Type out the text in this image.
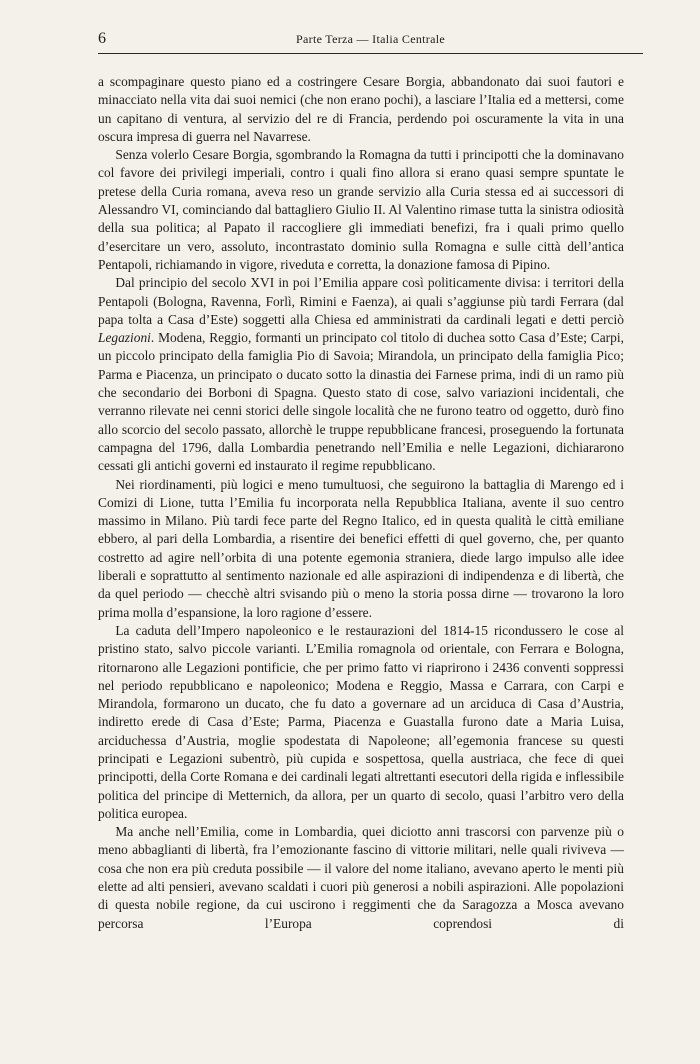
6	Parte Terza — Italia Centrale

a scompaginare questo piano ed a costringere Cesare Borgia, abbandonato dai suoi fautori e minacciato nella vita dai suoi nemici (che non erano pochi), a lasciare l’Italia ed a mettersi, come un capitano di ventura, al servizio del re di Francia, perdendo poi oscuramente la vita in una oscura impresa di guerra nel Navarrese.

Senza volerlo Cesare Borgia, sgombrando la Romagna da tutti i principotti che la dominavano col favore dei privilegi imperiali, contro i quali fino allora si erano quasi sempre spuntate le pretese della Curia romana, aveva reso un grande servizio alla Curia stessa ed ai successori di Alessandro VI, cominciando dal battagliero Giulio II. Al Valentino rimase tutta la sinistra odiosità della sua politica; al Papato il raccogliere gli immediati benefizi, fra i quali primo quello d’esercitare un vero, assoluto, incontrastato dominio sulla Romagna e sulle città dell’antica Pentapoli, richiamando in vigore, riveduta e corretta, la donazione famosa di Pipino.

Dal principio del secolo XVI in poi l’Emilia appare così politicamente divisa: i territori della Pentapoli (Bologna, Ravenna, Forlì, Rimini e Faenza), ai quali s’aggiunse più tardi Ferrara (dal papa tolta a Casa d’Este) soggetti alla Chiesa ed amministrati da cardinali legati e detti perciò Legazioni. Modena, Reggio, formanti un principato col titolo di duchea sotto Casa d’Este; Carpi, un piccolo principato della famiglia Pio di Savoia; Mirandola, un principato della famiglia Pico; Parma e Piacenza, un principato o ducato sotto la dinastia dei Farnese prima, indi di un ramo più che secondario dei Borboni di Spagna. Questo stato di cose, salvo variazioni incidentali, che verranno rilevate nei cenni storici delle singole località che ne furono teatro od oggetto, durò fino allo scorcio del secolo passato, allorchè le truppe repubblicane francesi, proseguendo la fortunata campagna del 1796, dalla Lombardia penetrando nell’Emilia e nelle Legazioni, dichiararono cessati gli antichi governi ed instaurato il regime repubblicano.

Nei riordinamenti, più logici e meno tumultuosi, che seguirono la battaglia di Marengo ed i Comizi di Lione, tutta l’Emilia fu incorporata nella Repubblica Italiana, avente il suo centro massimo in Milano. Più tardi fece parte del Regno Italico, ed in questa qualità le città emiliane ebbero, al pari della Lombardia, a risentire dei benefici effetti di quel governo, che, per quanto costretto ad agire nell’orbita di una potente egemonia straniera, diede largo impulso alle idee liberali e soprattutto al sentimento nazionale ed alle aspirazioni di indipendenza e di libertà, che da quel periodo — checchè altri svisando più o meno la storia possa dirne — trovarono la loro prima molla d’espansione, la loro ragione d’essere.

La caduta dell’Impero napoleonico e le restaurazioni del 1814-15 ricondussero le cose al pristino stato, salvo piccole varianti. L’Emilia romagnola od orientale, con Ferrara e Bologna, ritornarono alle Legazioni pontificie, che per primo fatto vi riaprirono i 2436 conventi soppressi nel periodo repubblicano e napoleonico; Modena e Reggio, Massa e Carrara, con Carpi e Mirandola, formarono un ducato, che fu dato a governare ad un arciduca di Casa d’Austria, indiretto erede di Casa d’Este; Parma, Piacenza e Guastalla furono date a Maria Luisa, arciduchessa d’Austria, moglie spodestata di Napoleone; all’egemonia francese su questi principati e Legazioni subentrò, più cupida e sospettosa, quella austriaca, che fece di quei principotti, della Corte Romana e dei cardinali legati altrettanti esecutori della rigida e inflessibile politica del principe di Metternich, da allora, per un quarto di secolo, quasi l’arbitro vero della politica europea.

Ma anche nell’Emilia, come in Lombardia, quei diciotto anni trascorsi con parvenze più o meno abbaglianti di libertà, fra l’emozionante fascino di vittorie militari, nelle quali riviveva — cosa che non era più creduta possibile — il valore del nome italiano, avevano aperto le menti più elette ad alti pensieri, avevano scaldati i cuori più generosi a nobili aspirazioni. Alle popolazioni di questa nobile regione, da cui uscirono i reggimenti che da Saragozza a Mosca avevano percorsa l’Europa coprendosi di
